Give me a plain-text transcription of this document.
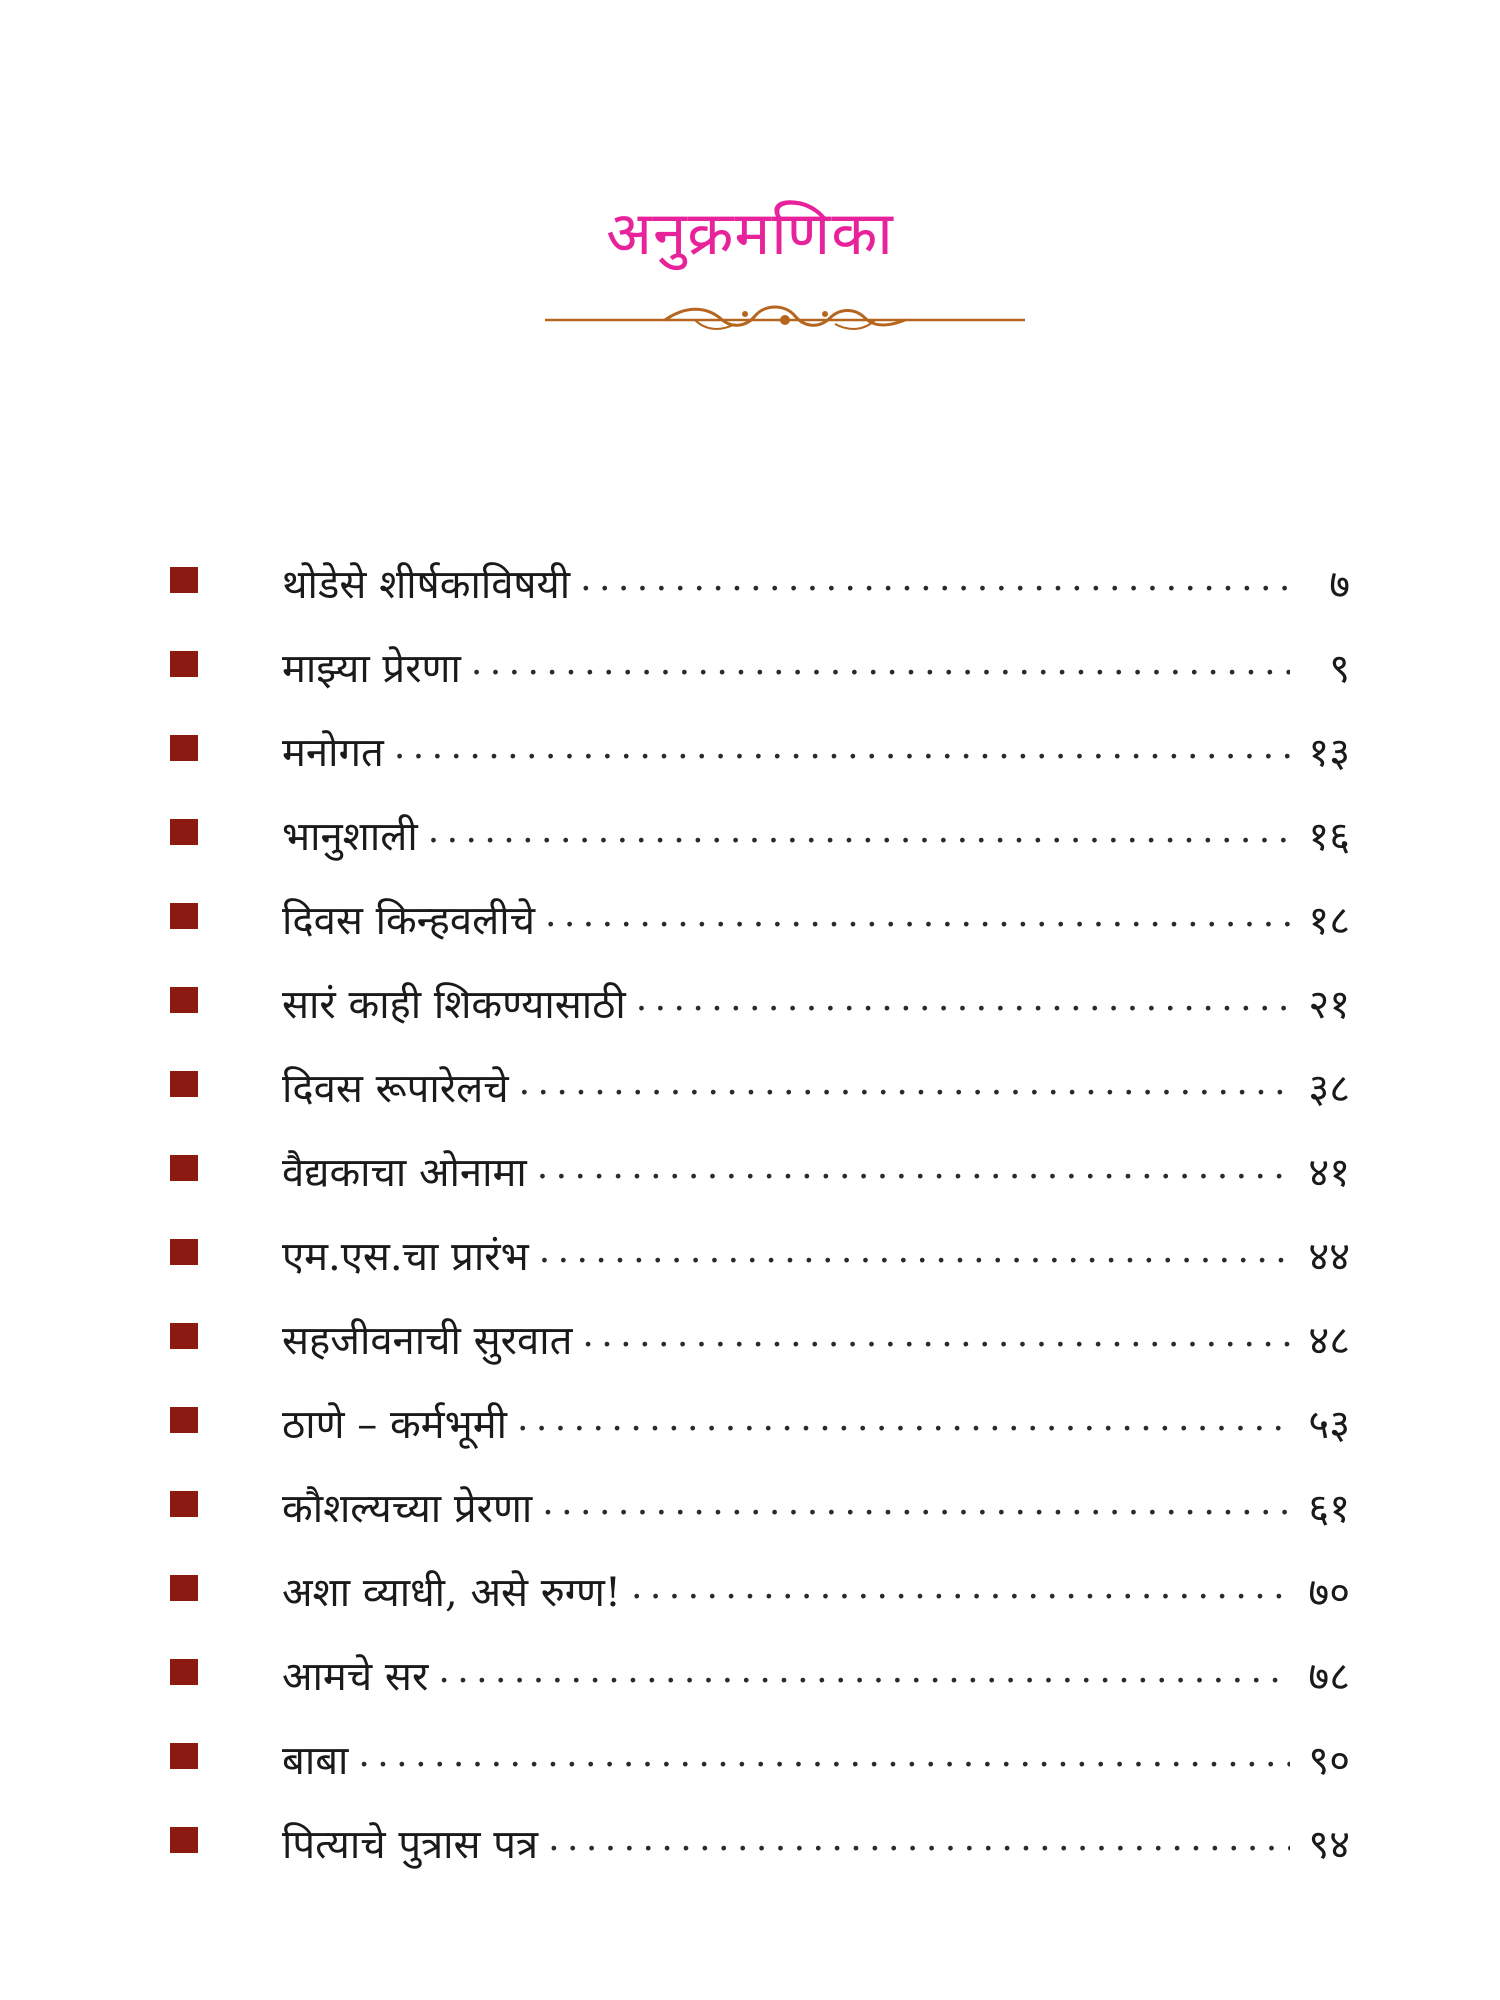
अनुक्रमणिका
थोडेसे शीर्षकाविषयी . . .	७
माझ्या प्रेरणा . . .	९
मनोगत . . .	१३
भानुशाली . . .	१६
दिवस किन्हवलीचे . . .	१८
सारं काही शिकण्यासाठी . . .	२१
दिवस रूपारेलचे . . .	३८
वैद्यकाचा ओनामा . . .	४१
एम.एस.चा प्रारंभ . . .	४४
सहजीवनाची सुरवात . . .	४८
ठाणे – कर्मभूमी . . .	५३
कौशल्यच्या प्रेरणा . . .	६१
अशा व्याधी, असे रुग्ण! . . .	७०
आमचे सर . . .	७८
बाबा . . .	९०
पित्याचे पुत्रास पत्र . . .	९४
